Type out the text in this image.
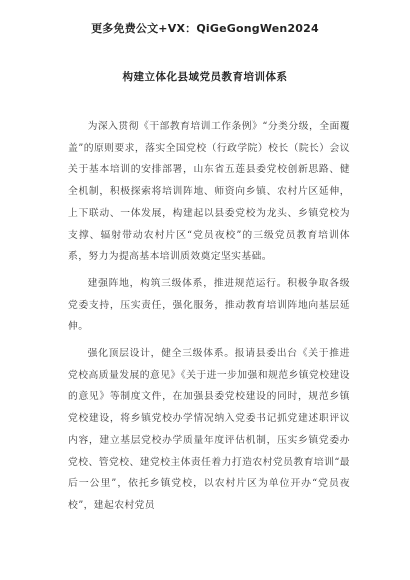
更多免费公文+VX：QiGeGongWen2024
构建立体化县域党员教育培训体系

为深入贯彻《干部教育培训工作条例》“分类分级，全面覆盖”的原则要求，落实全国党校（行政学院）校长（院长）会议关于基本培训的安排部署，山东省五莲县委党校创新思路、健全机制，积极探索将培训阵地、师资向乡镇、农村片区延伸，上下联动、一体发展，构建起以县委党校为龙头、乡镇党校为支撑、辐射带动农村片区“党员夜校”的三级党员教育培训体系，努力为提高基本培训质效奠定坚实基础。

建强阵地，构筑三级体系，推进规范运行。积极争取各级党委支持，压实责任，强化服务，推动教育培训阵地向基层延伸。

强化顶层设计，健全三级体系。报请县委出台《关于推进党校高质量发展的意见》《关于进一步加强和规范乡镇党校建设的意见》等制度文件，在加强县委党校建设的同时，规范乡镇党校建设，将乡镇党校办学情况纳入党委书记抓党建述职评议内容，建立基层党校办学质量年度评估机制，压实乡镇党委办党校、管党校、建党校主体责任着力打造农村党员教育培训“最后一公里”，依托乡镇党校，以农村片区为单位开办“党员夜校”，建起农村党员
